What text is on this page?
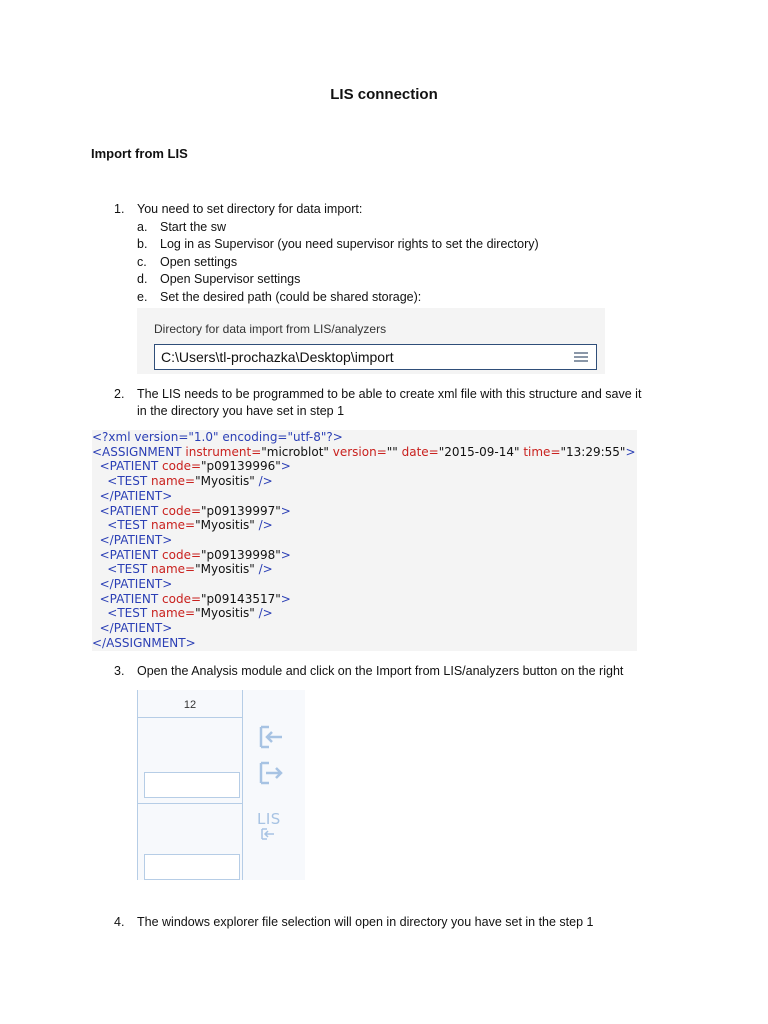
LIS connection
Import from LIS
1. You need to set directory for data import:
a. Start the sw
b. Log in as Supervisor (you need supervisor rights to set the directory)
c. Open settings
d. Open Supervisor settings
e. Set the desired path (could be shared storage):
Directory for data import from LIS/analyzers
C:\Users\tl-prochazka\Desktop\import
2. The LIS needs to be programmed to be able to create xml file with this structure and save it
in the directory you have set in step 1
<?xml version="1.0" encoding="utf-8"?>
<ASSIGNMENT instrument="microblot" version="" date="2015-09-14" time="13:29:55">
<PATIENT code="p09139996">
<TEST name="Myositis" />
</PATIENT>
<PATIENT code="p09139997">
<TEST name="Myositis" />
</PATIENT>
<PATIENT code="p09139998">
<TEST name="Myositis" />
</PATIENT>
<PATIENT code="p09143517">
<TEST name="Myositis" />
</PATIENT>
</ASSIGNMENT>
3. Open the Analysis module and click on the Import from LIS/analyzers button on the right
12
LIS
4. The windows explorer file selection will open in directory you have set in the step 1
